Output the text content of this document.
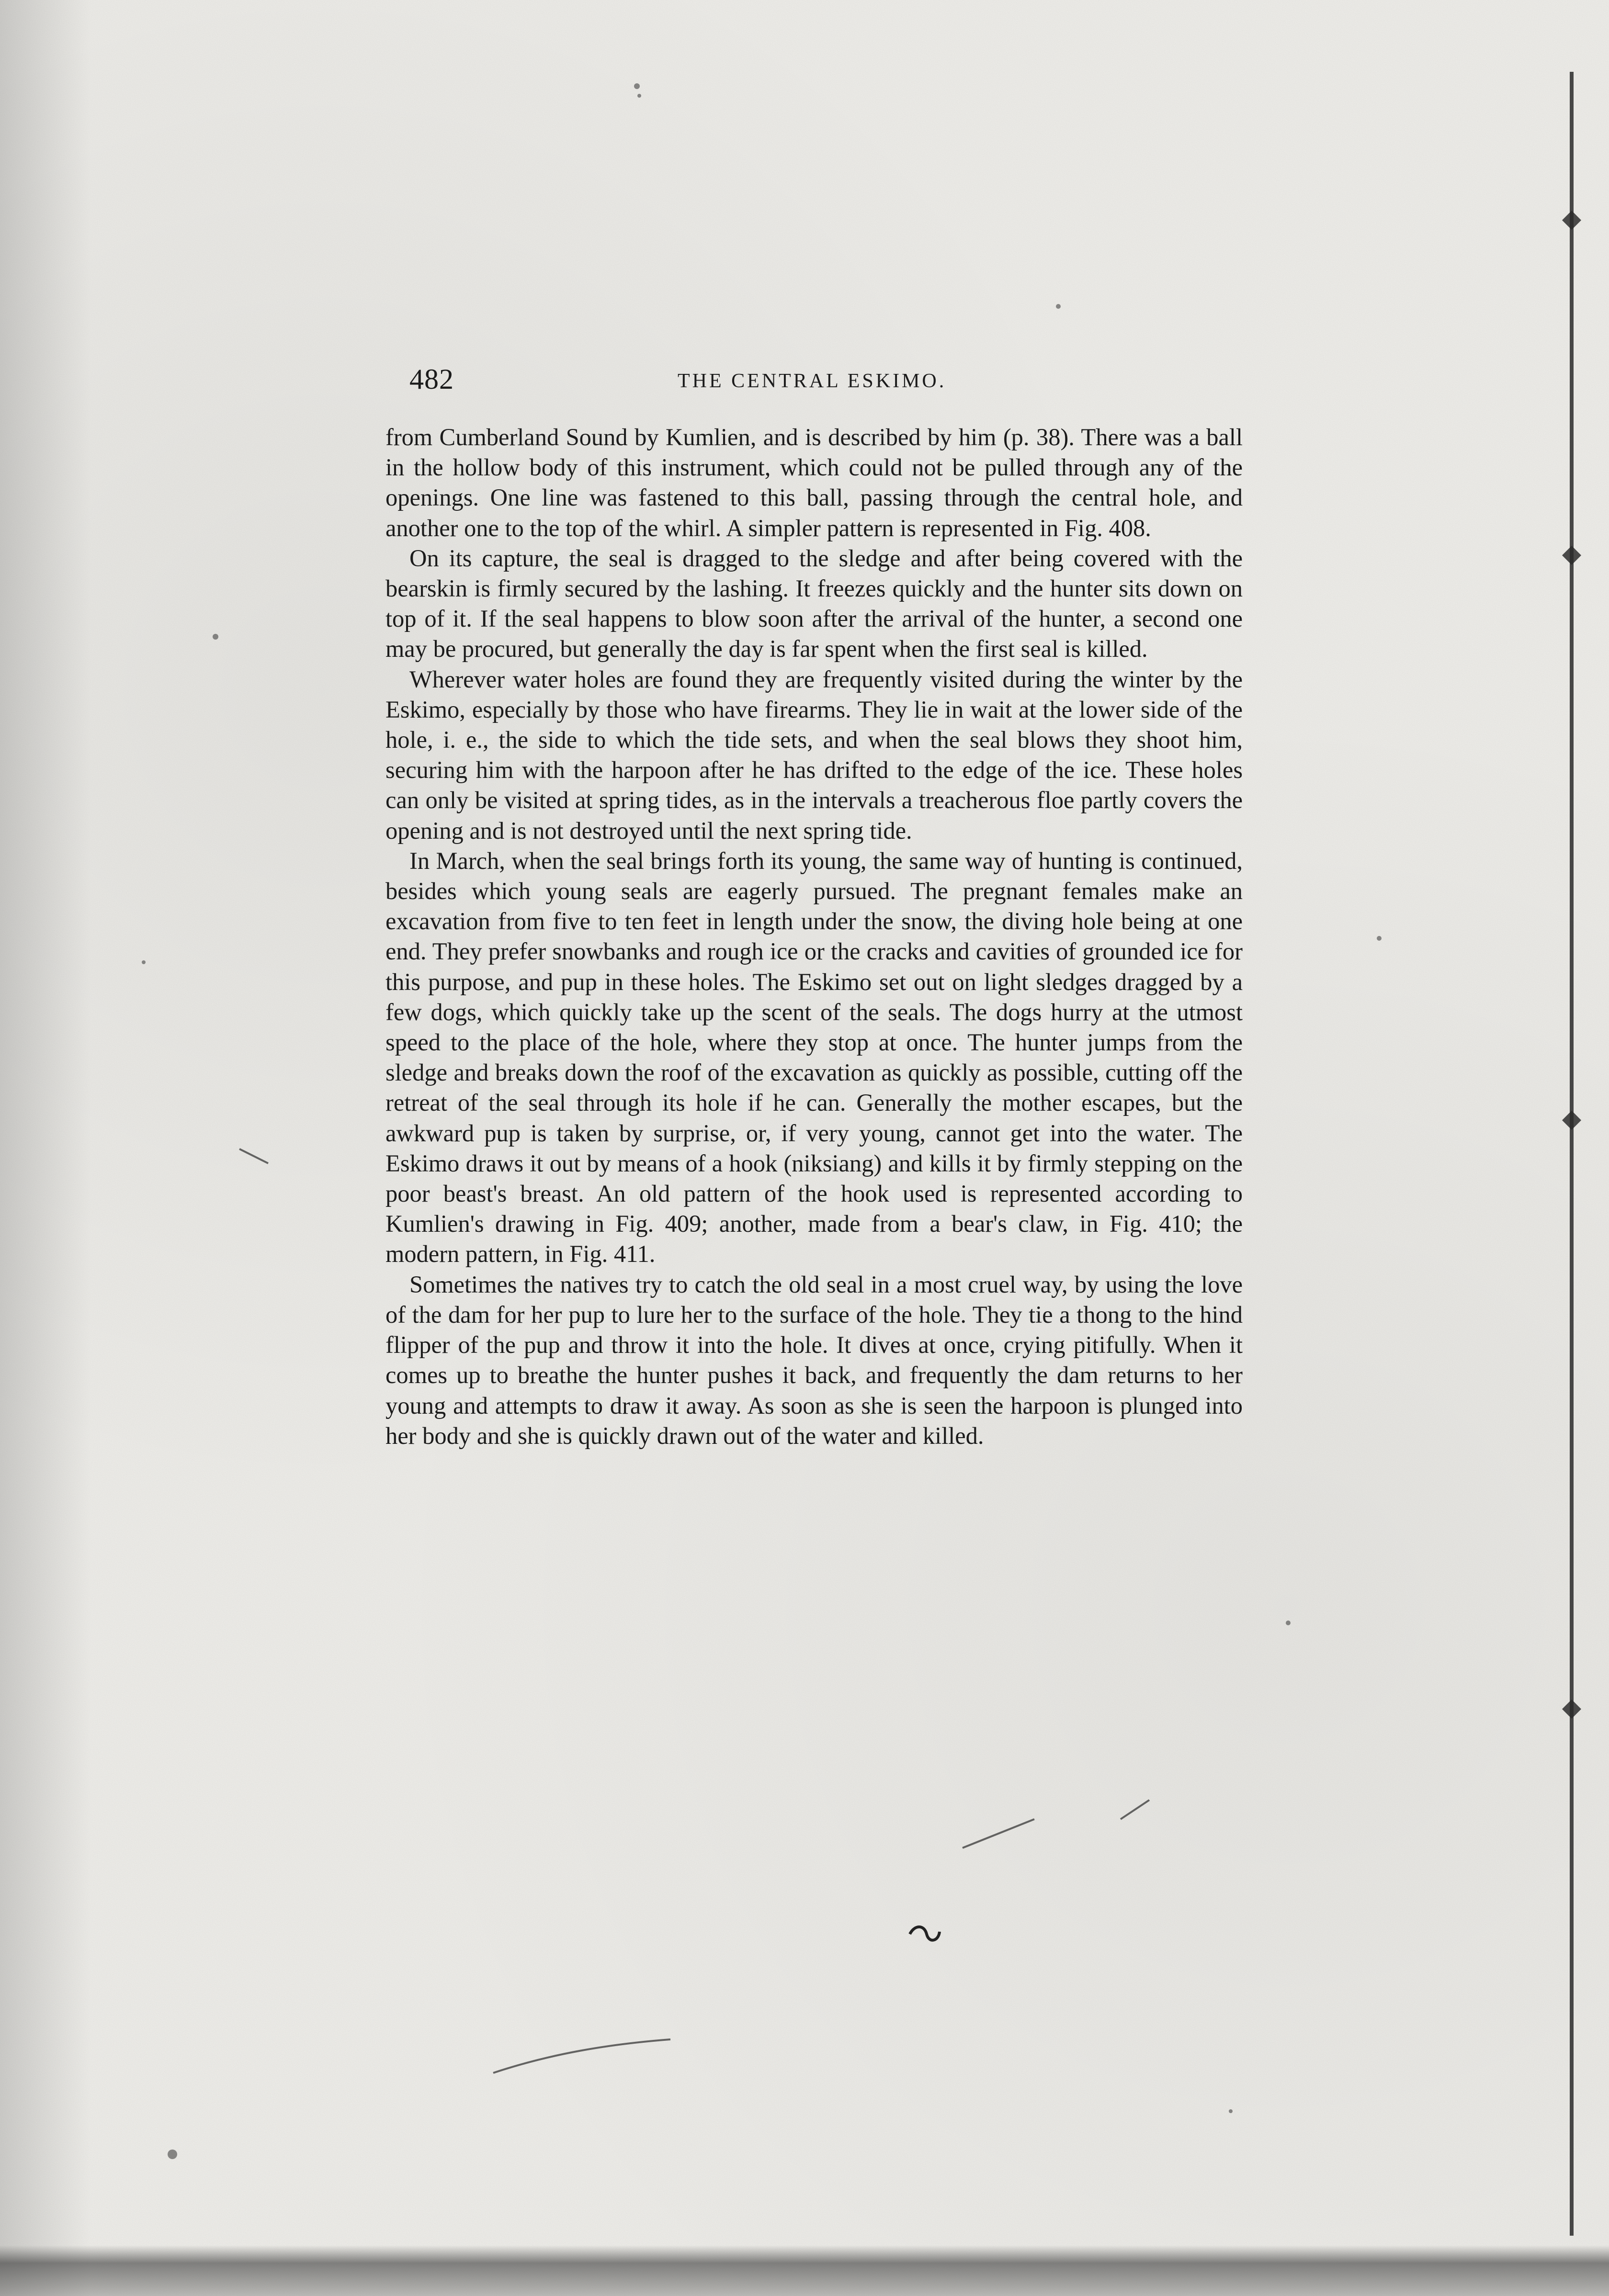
482	THE CENTRAL ESKIMO.

from Cumberland Sound by Kumlien, and is described by him (p. 38). There was a ball in the hollow body of this instrument, which could not be pulled through any of the openings. One line was fastened to this ball, passing through the central hole, and another one to the top of the whirl. A simpler pattern is represented in Fig. 408.

On its capture, the seal is dragged to the sledge and after being covered with the bearskin is firmly secured by the lashing. It freezes quickly and the hunter sits down on top of it. If the seal happens to blow soon after the arrival of the hunter, a second one may be procured, but generally the day is far spent when the first seal is killed.

Wherever water holes are found they are frequently visited during the winter by the Eskimo, especially by those who have firearms. They lie in wait at the lower side of the hole, i. e., the side to which the tide sets, and when the seal blows they shoot him, securing him with the harpoon after he has drifted to the edge of the ice. These holes can only be visited at spring tides, as in the intervals a treacherous floe partly covers the opening and is not destroyed until the next spring tide.

In March, when the seal brings forth its young, the same way of hunting is continued, besides which young seals are eagerly pursued. The pregnant females make an excavation from five to ten feet in length under the snow, the diving hole being at one end. They prefer snowbanks and rough ice or the cracks and cavities of grounded ice for this purpose, and pup in these holes. The Eskimo set out on light sledges dragged by a few dogs, which quickly take up the scent of the seals. The dogs hurry at the utmost speed to the place of the hole, where they stop at once. The hunter jumps from the sledge and breaks down the roof of the excavation as quickly as possible, cutting off the retreat of the seal through its hole if he can. Generally the mother escapes, but the awkward pup is taken by surprise, or, if very young, cannot get into the water. The Eskimo draws it out by means of a hook (niksiang) and kills it by firmly stepping on the poor beast's breast. An old pattern of the hook used is represented according to Kumlien's drawing in Fig. 409; another, made from a bear's claw, in Fig. 410; the modern pattern, in Fig. 411.

Sometimes the natives try to catch the old seal in a most cruel way, by using the love of the dam for her pup to lure her to the surface of the hole. They tie a thong to the hind flipper of the pup and throw it into the hole. It dives at once, crying pitifully. When it comes up to breathe the hunter pushes it back, and frequently the dam returns to her young and attempts to draw it away. As soon as she is seen the harpoon is plunged into her body and she is quickly drawn out of the water and killed.
